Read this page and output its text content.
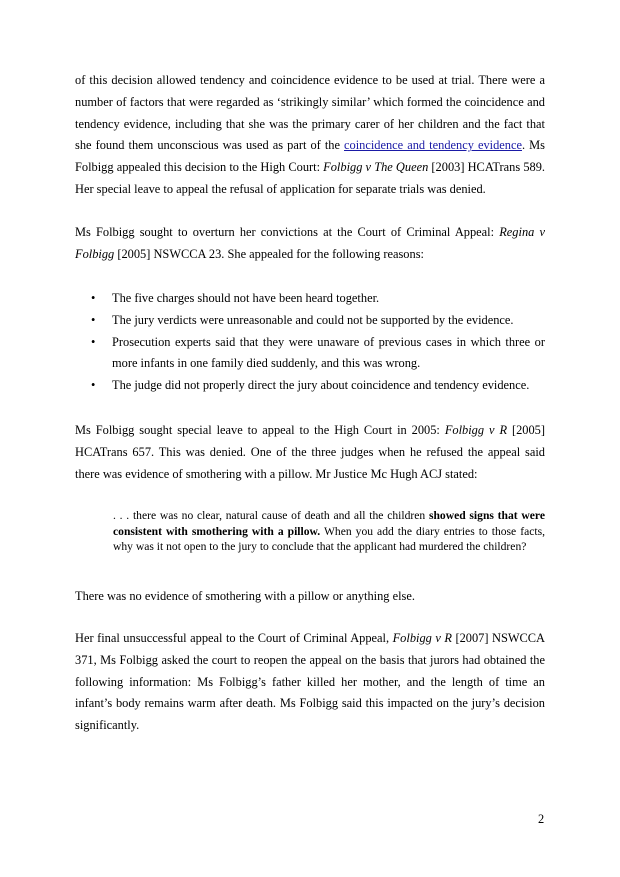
of this decision allowed tendency and coincidence evidence to be used at trial. There were a number of factors that were regarded as ‘strikingly similar’ which formed the coincidence and tendency evidence, including that she was the primary carer of her children and the fact that she found them unconscious was used as part of the coincidence and tendency evidence. Ms Folbigg appealed this decision to the High Court: Folbigg v The Queen [2003] HCATrans 589. Her special leave to appeal the refusal of application for separate trials was denied.

Ms Folbigg sought to overturn her convictions at the Court of Criminal Appeal: Regina v Folbigg [2005] NSWCCA 23. She appealed for the following reasons:

• The five charges should not have been heard together.
• The jury verdicts were unreasonable and could not be supported by the evidence.
• Prosecution experts said that they were unaware of previous cases in which three or more infants in one family died suddenly, and this was wrong.
• The judge did not properly direct the jury about coincidence and tendency evidence.

Ms Folbigg sought special leave to appeal to the High Court in 2005: Folbigg v R [2005] HCATrans 657. This was denied. One of the three judges when he refused the appeal said there was evidence of smothering with a pillow. Mr Justice Mc Hugh ACJ stated:

. . . there was no clear, natural cause of death and all the children showed signs that were consistent with smothering with a pillow. When you add the diary entries to those facts, why was it not open to the jury to conclude that the applicant had murdered the children?

There was no evidence of smothering with a pillow or anything else.

Her final unsuccessful appeal to the Court of Criminal Appeal, Folbigg v R [2007] NSWCCA 371, Ms Folbigg asked the court to reopen the appeal on the basis that jurors had obtained the following information: Ms Folbigg’s father killed her mother, and the length of time an infant’s body remains warm after death. Ms Folbigg said this impacted on the jury’s decision significantly.

2
